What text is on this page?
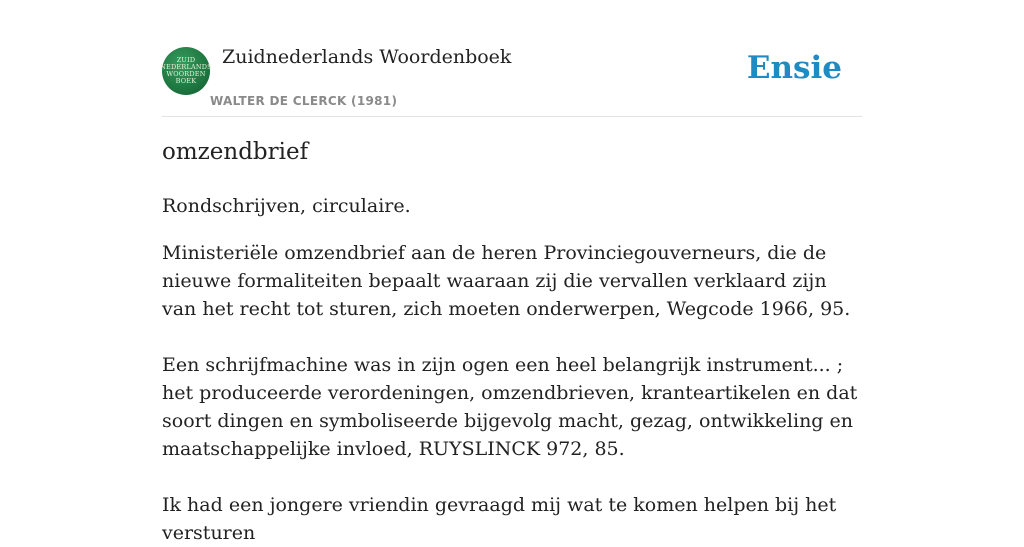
ZUID
NEDERLANDS
WOORDEN
BOEK
Zuidnederlands Woordenboek
WALTER DE CLERCK (1981)
Ensie
omzendbrief

Rondschrijven, circulaire.

Ministeriële omzendbrief aan de heren Provinciegouverneurs, die de nieuwe formaliteiten bepaalt waaraan zij die vervallen verklaard zijn van het recht tot sturen, zich moeten onderwerpen, Wegcode 1966, 95.

Een schrijfmachine was in zijn ogen een heel belangrijk instrument... ; het produceerde verordeningen, omzendbrieven, kranteartikelen en dat soort dingen en symboliseerde bijgevolg macht, gezag, ontwikkeling en maatschappelijke invloed, RUYSLINCK 972, 85.

Ik had een jongere vriendin gevraagd mij wat te komen helpen bij het versturen
